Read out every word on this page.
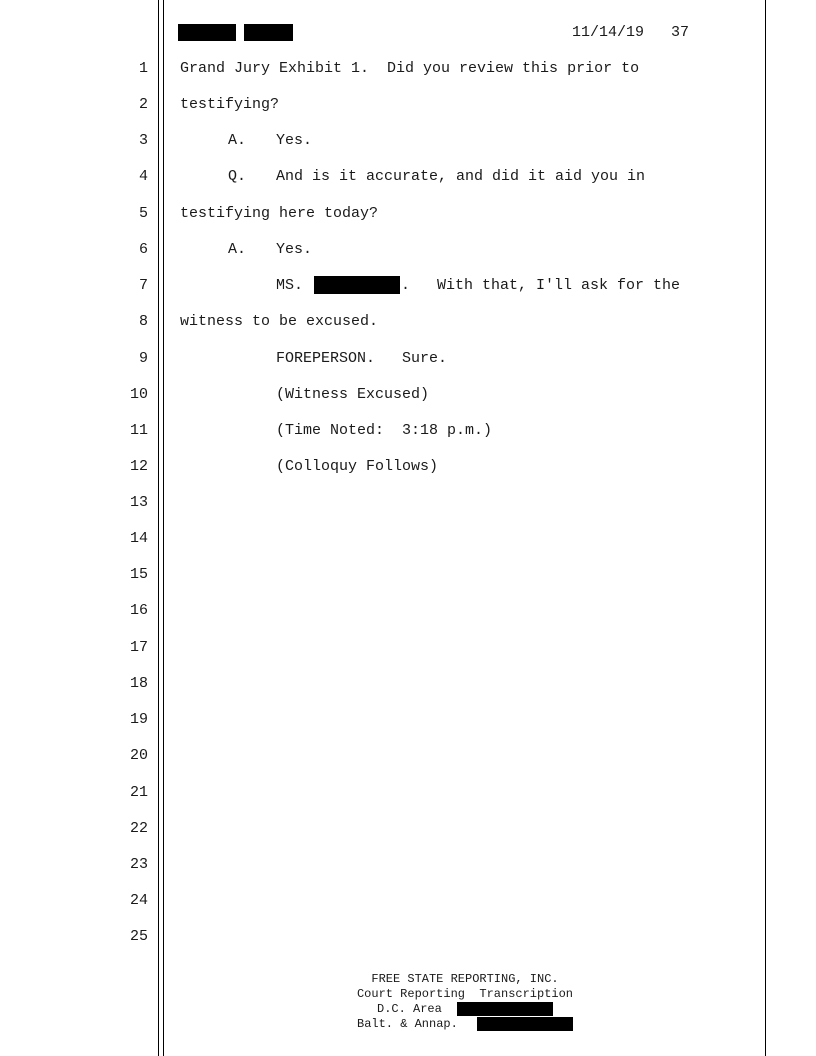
11/14/19   37
1
2
3
4
5
6
7
8
9
10
11
12
13
14
15
16
17
18
19
20
21
22
23
24
25
Grand Jury Exhibit 1.  Did you review this prior to
testifying?
A. Yes.
Q. And is it accurate, and did it aid you in
testifying here today?
A. Yes.
MS.	.   With that, I'll ask for the
witness to be excused.
FOREPERSON.   Sure.
(Witness Excused)
(Time Noted:  3:18 p.m.)
(Colloquy Follows)
FREE STATE REPORTING, INC.
Court Reporting  Transcription
D.C. Area
Balt. & Annap.
